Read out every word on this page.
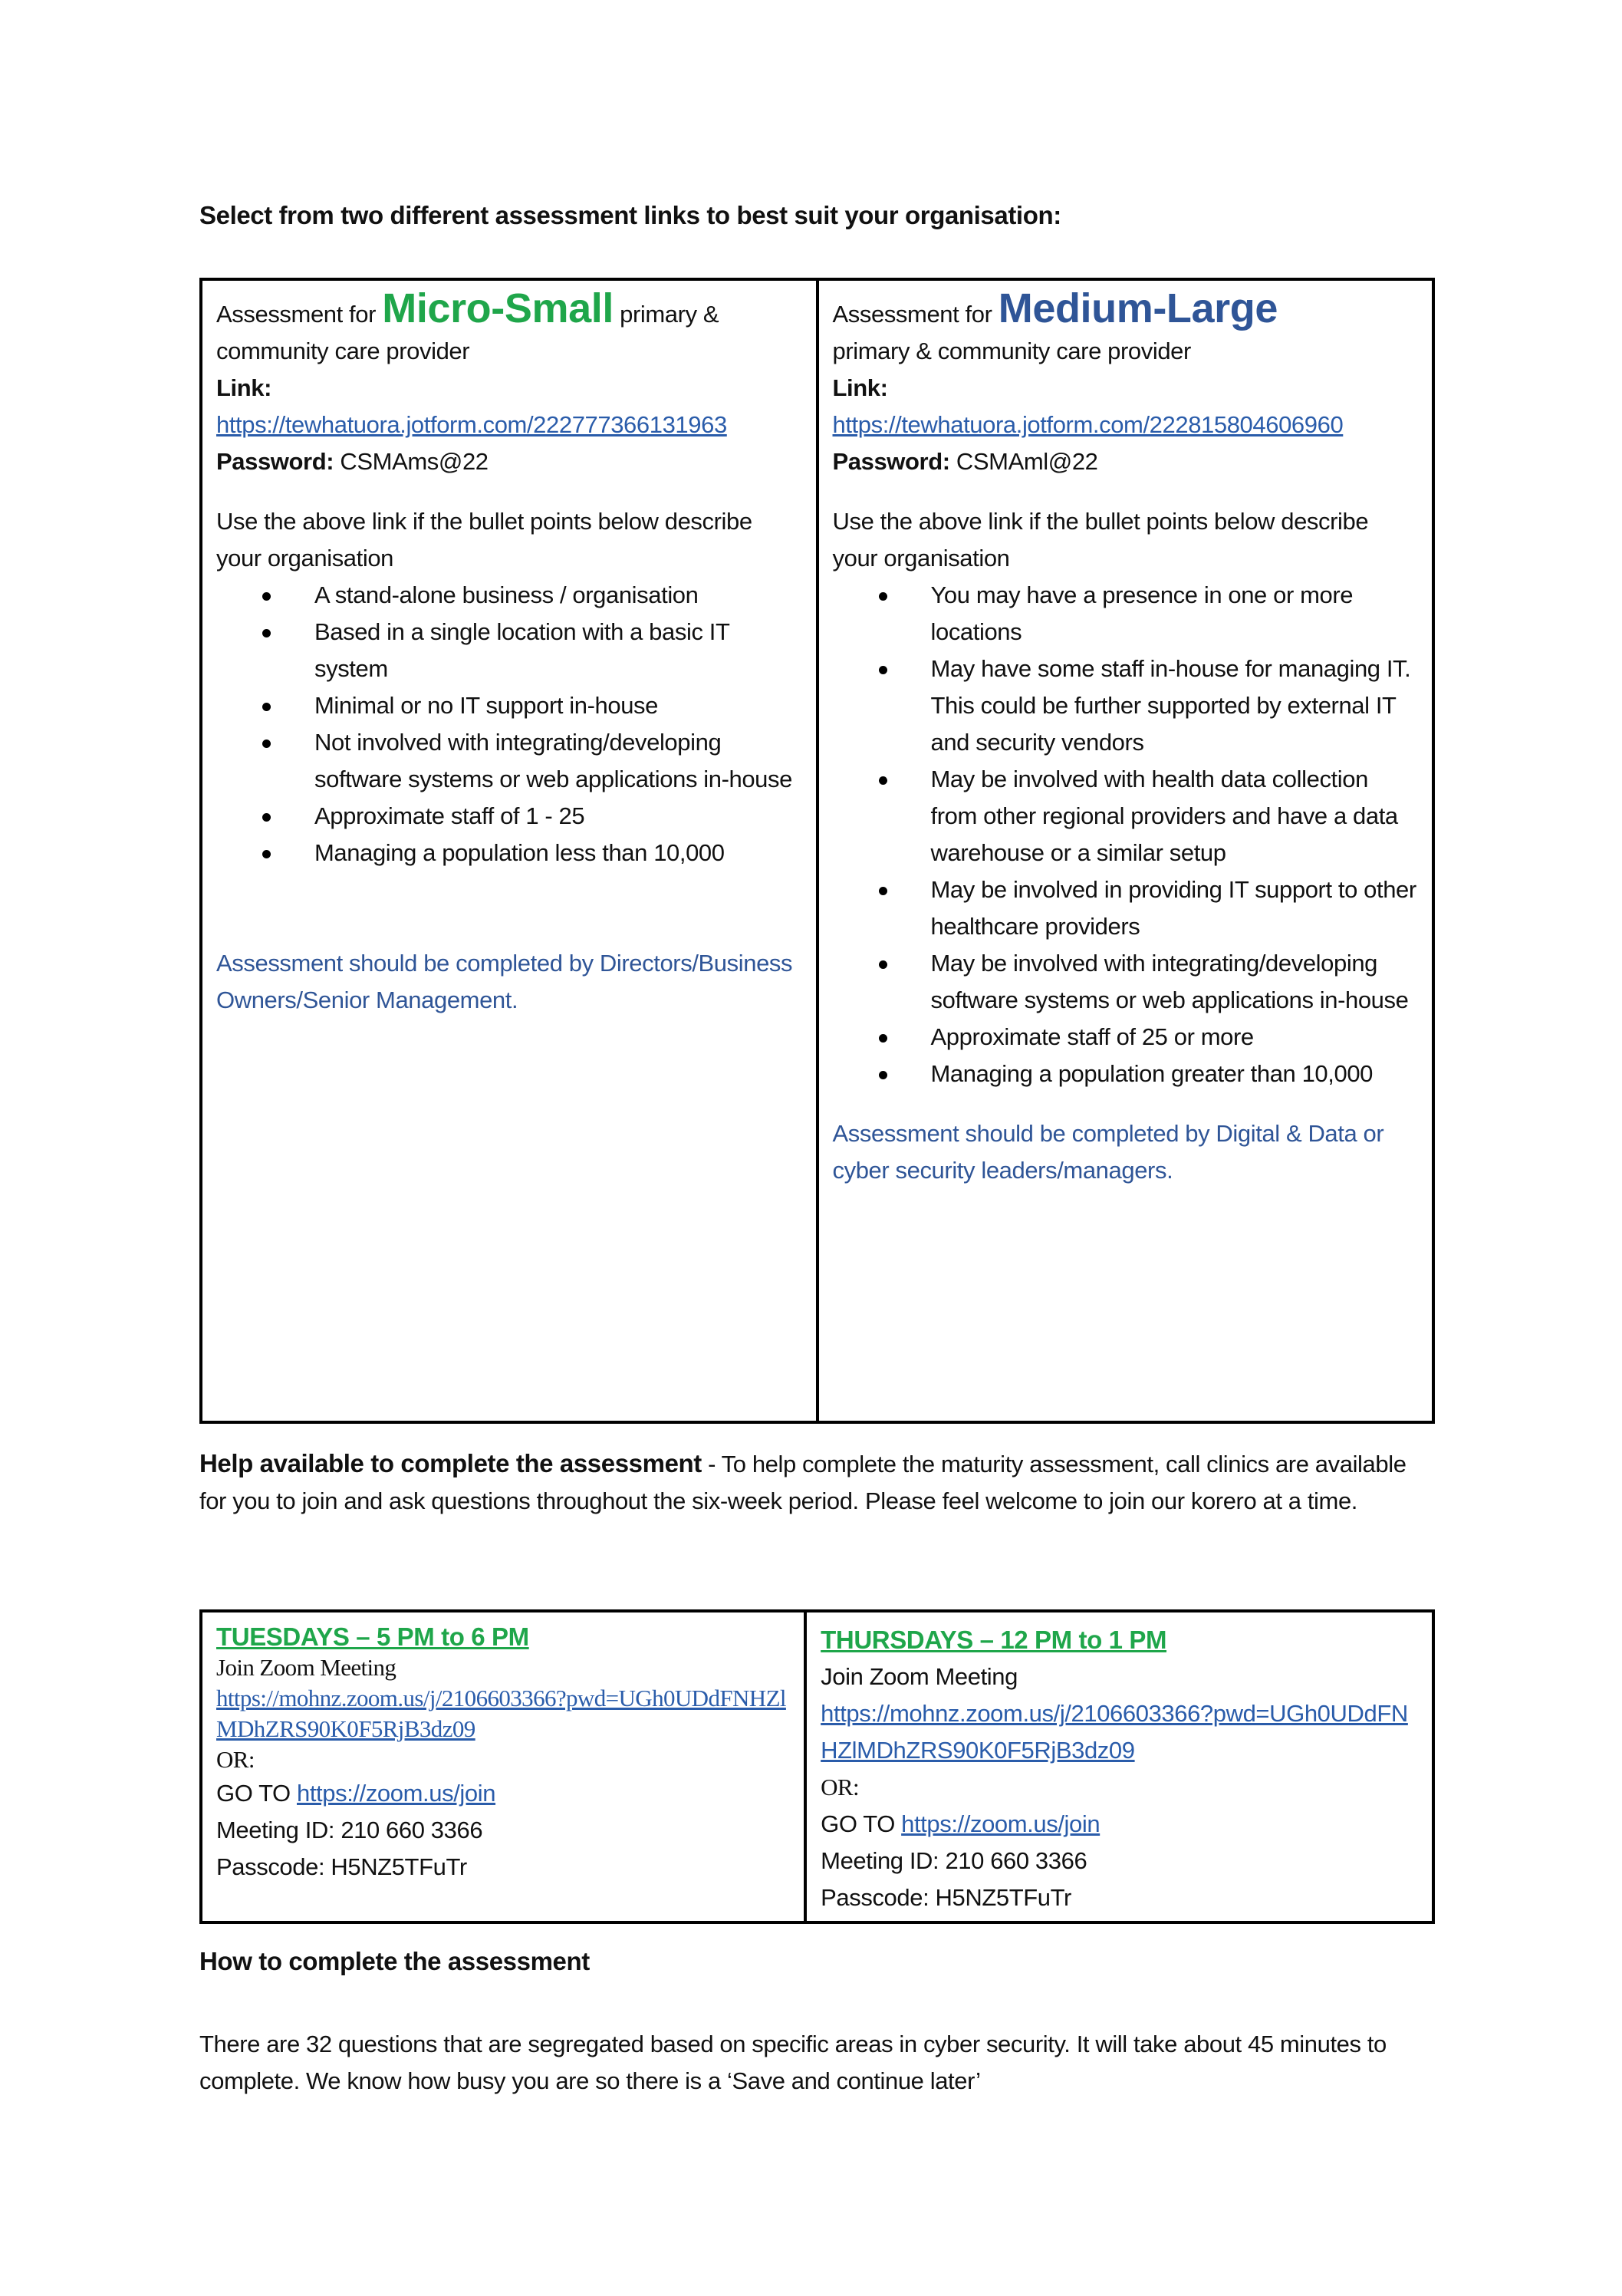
Select from two different assessment links to best suit your organisation:
Assessment for Micro-Small primary & community care provider
Link:
https://tewhatuora.jotform.com/222777366131963
Password: CSMAms@22

Use the above link if the bullet points below describe your organisation

A stand-alone business / organisation
Based in a single location with a basic IT system
Minimal or no IT support in-house
Not involved with integrating/developing software systems or web applications in-house
Approximate staff of 1 - 25
Managing a population less than 10,000

Assessment should be completed by Directors/Business Owners/Senior Management.

Assessment for Medium-Large
primary & community care provider
Link:
https://tewhatuora.jotform.com/222815804606960
Password: CSMAml@22

Use the above link if the bullet points below describe your organisation

You may have a presence in one or more locations
May have some staff in-house for managing IT. This could be further supported by external IT and security vendors
May be involved with health data collection from other regional providers and have a data warehouse or a similar setup
May be involved in providing IT support to other healthcare providers
May be involved with integrating/developing software systems or web applications in-house
Approximate staff of 25 or more
Managing a population greater than 10,000

Assessment should be completed by Digital & Data or cyber security leaders/managers.

Help available to complete the assessment - To help complete the maturity assessment, call clinics are available for you to join and ask questions throughout the six-week period. Please feel welcome to join our korero at a time.

TUESDAYS – 5 PM to 6 PM
Join Zoom Meeting
https://mohnz.zoom.us/j/2106603366?pwd=UGh0UDdFNHZlMDhZRS90K0F5RjB3dz09
OR:
GO TO https://zoom.us/join
Meeting ID: 210 660 3366
Passcode: H5NZ5TFuTr

THURSDAYS – 12 PM to 1 PM
Join Zoom Meeting
https://mohnz.zoom.us/j/2106603366?pwd=UGh0UDdFNHZlMDhZRS90K0F5RjB3dz09
OR:
GO TO https://zoom.us/join
Meeting ID: 210 660 3366
Passcode: H5NZ5TFuTr
How to complete the assessment

There are 32 questions that are segregated based on specific areas in cyber security. It will take about 45 minutes to complete. We know how busy you are so there is a ‘Save and continue later’
